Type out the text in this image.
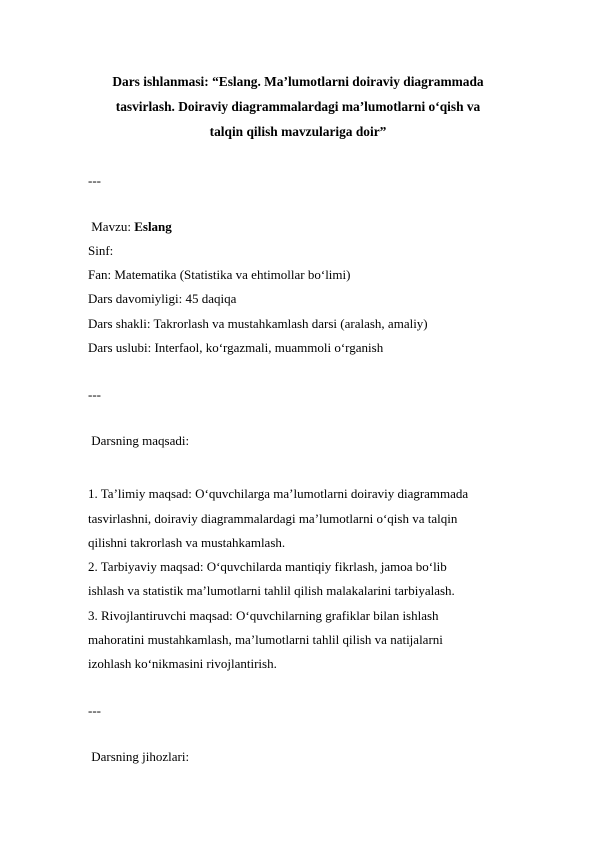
Dars ishlanmasi: “Eslang. Ma’lumotlarni doiraviy diagrammada
tasvirlash. Doiraviy diagrammalardagi ma’lumotlarni o‘qish va
talqin qilish mavzulariga doir”
---
Mavzu: Eslang
Sinf:
Fan: Matematika (Statistika va ehtimollar bo‘limi)
Dars davomiyligi: 45 daqiqa
Dars shakli: Takrorlash va mustahkamlash darsi (aralash, amaliy)
Dars uslubi: Interfaol, ko‘rgazmali, muammoli o‘rganish
---
Darsning maqsadi:
1. Ta’limiy maqsad: O‘quvchilarga ma’lumotlarni doiraviy diagrammada
tasvirlashni, doiraviy diagrammalardagi ma’lumotlarni o‘qish va talqin
qilishni takrorlash va mustahkamlash.
2. Tarbiyaviy maqsad: O‘quvchilarda mantiqiy fikrlash, jamoa bo‘lib
ishlash va statistik ma’lumotlarni tahlil qilish malakalarini tarbiyalash.
3. Rivojlantiruvchi maqsad: O‘quvchilarning grafiklar bilan ishlash
mahoratini mustahkamlash, ma’lumotlarni tahlil qilish va natijalarni
izohlash ko‘nikmasini rivojlantirish.
---
Darsning jihozlari:
